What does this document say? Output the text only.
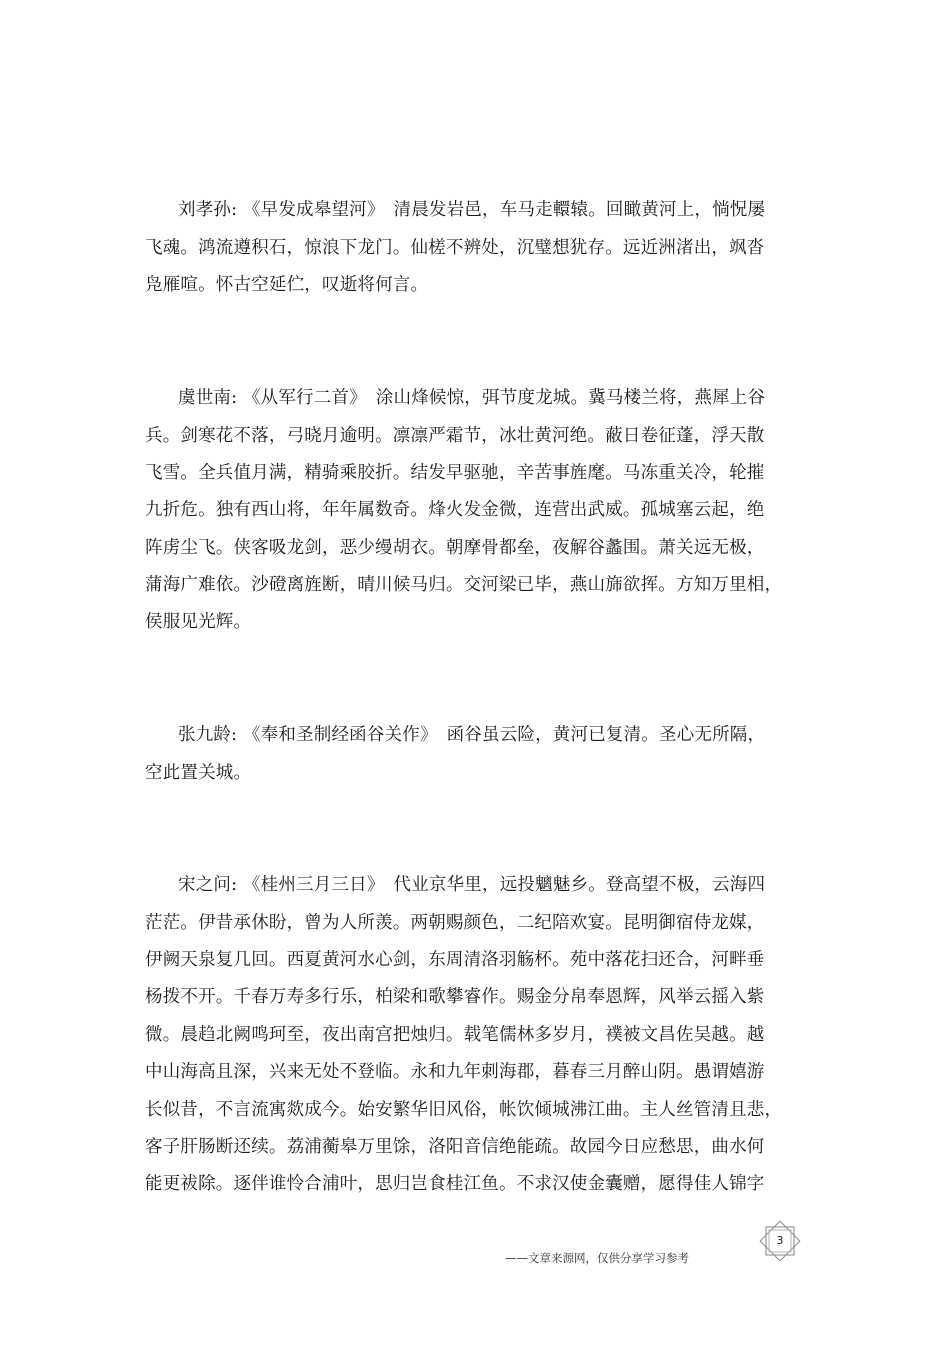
刘孝孙: 《早发成皋望河》　清晨发岩邑，车马走轘辕。回瞰黄河上，惝怳屡
飞魂。鸿流遵积石，惊浪下龙门。仙槎不辨处，沉璧想犹存。远近洲渚出，飒沓
凫雁喧。怀古空延伫，叹逝将何言。
虞世南: 《从军行二首》　涂山烽候惊，弭节度龙城。冀马楼兰将，燕犀上谷
兵。剑寒花不落，弓晓月逾明。凛凛严霜节，冰壮黄河绝。蔽日卷征蓬，浮天散
飞雪。全兵值月满，精骑乘胶折。结发早驱驰，辛苦事旌麾。马冻重关冷，轮摧
九折危。独有西山将，年年属数奇。烽火发金微，连营出武威。孤城塞云起，绝
阵虏尘飞。侠客吸龙剑，恶少缦胡衣。朝摩骨都垒，夜解谷蠡围。萧关远无极，
蒲海广难依。沙磴离旌断，晴川候马归。交河梁已毕，燕山旆欲挥。方知万里相，
侯服见光辉。
张九龄: 《奉和圣制经函谷关作》　函谷虽云险，黄河已复清。圣心无所隔，
空此置关城。
宋之问: 《桂州三月三日》　代业京华里，远投魑魅乡。登高望不极，云海四
茫茫。伊昔承休盼，曾为人所羡。两朝赐颜色，二纪陪欢宴。昆明御宿侍龙媒，
伊阙天泉复几回。西夏黄河水心剑，东周清洛羽觞杯。苑中落花扫还合，河畔垂
杨拨不开。千春万寿多行乐，柏梁和歌攀睿作。赐金分帛奉恩辉，风举云摇入紫
微。晨趋北阙鸣珂至，夜出南宫把烛归。载笔儒林多岁月，襆被文昌佐吴越。越
中山海高且深，兴来无处不登临。永和九年刺海郡，暮春三月醉山阴。愚谓嬉游
长似昔，不言流寓欻成今。始安繁华旧风俗，帐饮倾城沸江曲。主人丝管清且悲，
客子肝肠断还续。荔浦蘅皋万里馀，洛阳音信绝能疏。故园今日应愁思，曲水何
能更祓除。逐伴谁怜合浦叶，思归岂食桂江鱼。不求汉使金囊赠，愿得佳人锦字
3
——文章来源网，仅供分享学习参考
